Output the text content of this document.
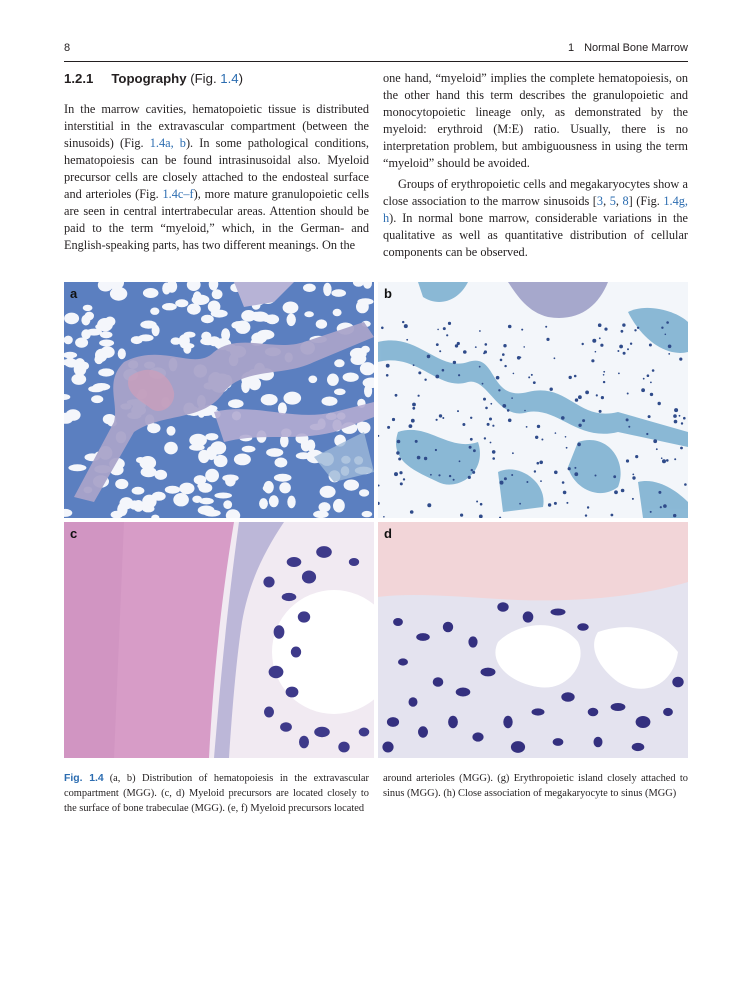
8	1 Normal Bone Marrow
1.2.1 Topography (Fig. 1.4)

In the marrow cavities, hematopoietic tissue is distributed interstitial in the extravascular compartment (between the sinusoids) (Fig. 1.4a, b). In some pathological conditions, hematopoiesis can be found intrasinusoidal also. Myeloid precursor cells are closely attached to the endosteal surface and arterioles (Fig. 1.4c–f), more mature granulopoietic cells are seen in central intertrabecular areas. Attention should be paid to the term “myeloid,” which, in the German- and English-speaking parts, has two different meanings. On the

one hand, “myeloid” implies the complete hematopoiesis, on the other hand this term describes the granulopoietic and monocytopoietic lineage only, as demonstrated by the myeloid: erythroid (M:E) ratio. Usually, there is no interpretation problem, but ambiguousness in using the term “myeloid” should be avoided.

Groups of erythropoietic cells and megakaryocytes show a close association to the marrow sinusoids [3, 5, 8] (Fig. 1.4g, h). In normal bone marrow, considerable variations in the qualitative as well as quantitative distribution of cellular components can be observed.

a	b
c	d
Fig. 1.4 (a, b) Distribution of hematopoiesis in the extravascular compartment (MGG). (c, d) Myeloid precursors are located closely to the surface of bone trabeculae (MGG). (e, f) Myeloid precursors located
around arterioles (MGG). (g) Erythropoietic island closely attached to sinus (MGG). (h) Close association of megakaryocyte to sinus (MGG)
